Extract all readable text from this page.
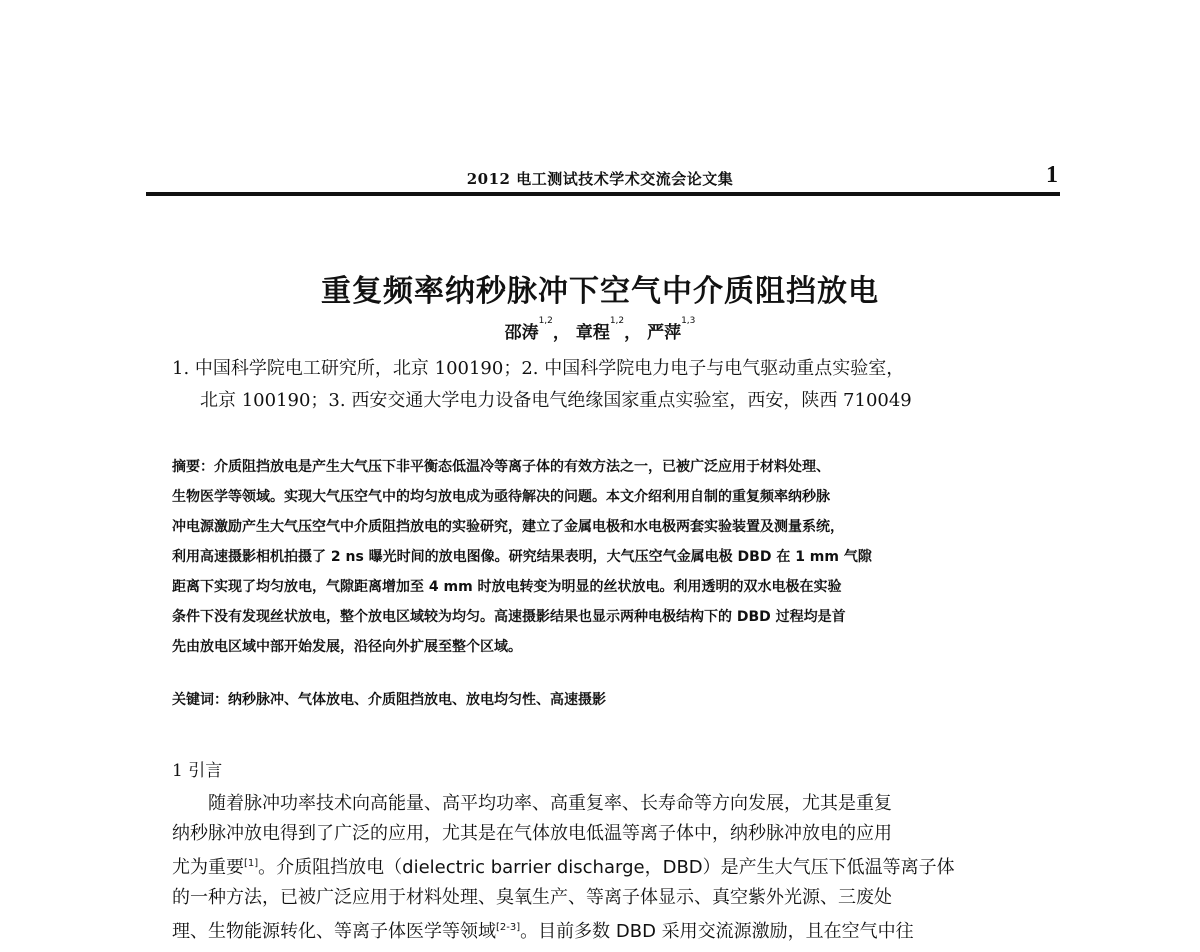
2012 电工测试技术学术交流会论文集	1
重复频率纳秒脉冲下空气中介质阻挡放电
邵涛$^{1,2}$， 章程$^{1,2}$， 严萍$^{1,3}$
1. 中国科学院电工研究所，北京 100190；2. 中国科学院电力电子与电气驱动重点实验室，
北京 100190；3. 西安交通大学电力设备电气绝缘国家重点实验室，西安，陕西 710049
摘要：介质阻挡放电是产生大气压下非平衡态低温冷等离子体的有效方法之一，已被广泛应用于材料处理、
生物医学等领域。实现大气压空气中的均匀放电成为亟待解决的问题。本文介绍利用自制的重复频率纳秒脉
冲电源激励产生大气压空气中介质阻挡放电的实验研究，建立了金属电极和水电极两套实验装置及测量系统，
利用高速摄影相机拍摄了 2 ns 曝光时间的放电图像。研究结果表明，大气压空气金属电极 DBD 在 1 mm 气隙
距离下实现了均匀放电，气隙距离增加至 4 mm 时放电转变为明显的丝状放电。利用透明的双水电极在实验
条件下没有发现丝状放电，整个放电区域较为均匀。高速摄影结果也显示两种电极结构下的 DBD 过程均是首
先由放电区域中部开始发展，沿径向外扩展至整个区域。
关键词：纳秒脉冲、气体放电、介质阻挡放电、放电均匀性、高速摄影
1 引言
随着脉冲功率技术向高能量、高平均功率、高重复率、长寿命等方向发展，尤其是重复
纳秒脉冲放电得到了广泛的应用，尤其是在气体放电低温等离子体中，纳秒脉冲放电的应用
尤为重要[1]。介质阻挡放电（dielectric barrier discharge，DBD）是产生大气压下低温等离子体
的一种方法，已被广泛应用于材料处理、臭氧生产、等离子体显示、真空紫外光源、三废处
理、生物能源转化、等离子体医学等领域[2-3]。目前多数 DBD 采用交流源激励，且在空气中往
